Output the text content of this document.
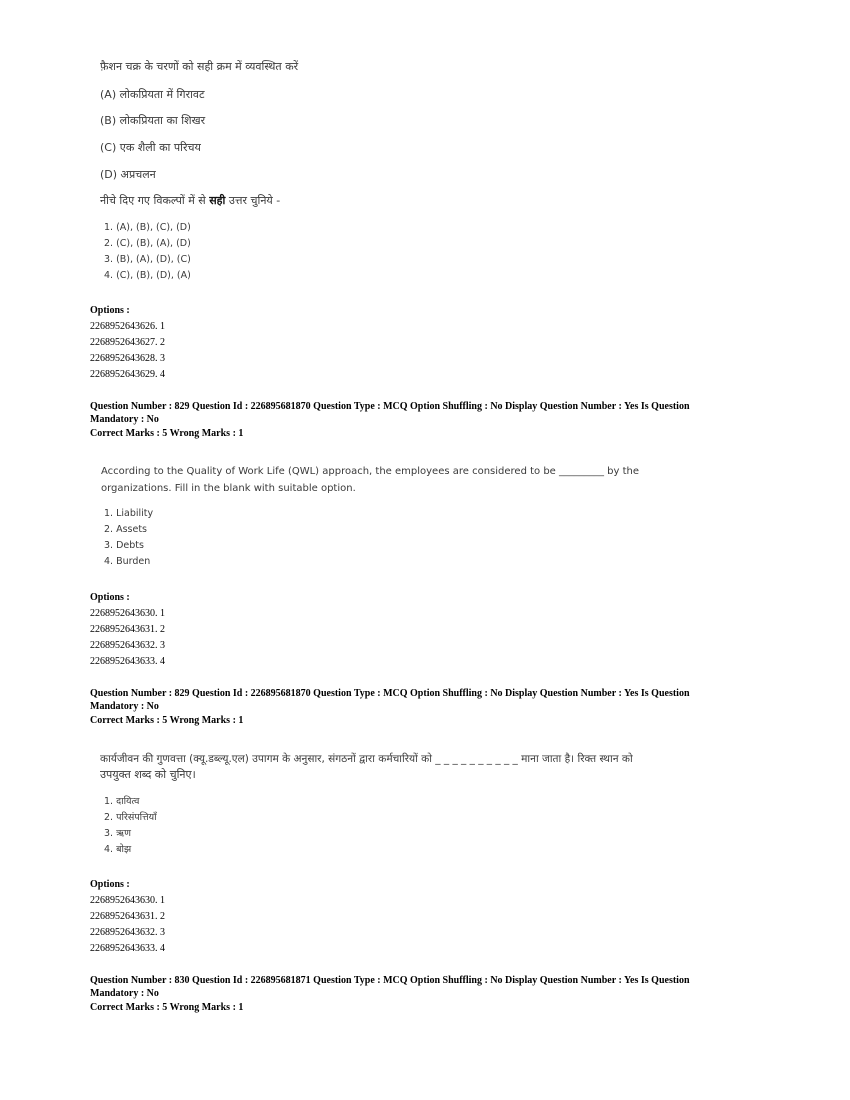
फ़ैशन चक्र के चरणों को सही क्रम में व्यवस्थित करें
(A) लोकप्रियता में गिरावट
(B) लोकप्रियता का शिखर
(C) एक शैली का परिचय
(D) अप्रचलन
नीचे दिए गए विकल्पों में से सही उत्तर चुनिये -
1. (A), (B), (C), (D)
2. (C), (B), (A), (D)
3. (B), (A), (D), (C)
4. (C), (B), (D), (A)
Options :
2268952643626. 1
2268952643627. 2
2268952643628. 3
2268952643629. 4
Question Number : 829 Question Id : 226895681870 Question Type : MCQ Option Shuffling : No Display Question Number : Yes Is Question
Mandatory : No
Correct Marks : 5 Wrong Marks : 1
According to the Quality of Work Life (QWL) approach, the employees are considered to be _________ by the
organizations. Fill in the blank with suitable option.
1. Liability
2. Assets
3. Debts
4. Burden
Options :
2268952643630. 1
2268952643631. 2
2268952643632. 3
2268952643633. 4
Question Number : 829 Question Id : 226895681870 Question Type : MCQ Option Shuffling : No Display Question Number : Yes Is Question
Mandatory : No
Correct Marks : 5 Wrong Marks : 1
कार्यजीवन की गुणवत्ता (क्यू.डब्ल्यू.एल) उपागम के अनुसार, संगठनों द्वारा कर्मचारियों को _ _ _ _ _ _ _ _ _ _ माना जाता है। रिक्त स्थान को
उपयुक्त शब्द को चुनिए।
1. दायित्व
2. परिसंपत्तियाँ
3. ऋण
4. बोझ
Options :
2268952643630. 1
2268952643631. 2
2268952643632. 3
2268952643633. 4
Question Number : 830 Question Id : 226895681871 Question Type : MCQ Option Shuffling : No Display Question Number : Yes Is Question
Mandatory : No
Correct Marks : 5 Wrong Marks : 1
